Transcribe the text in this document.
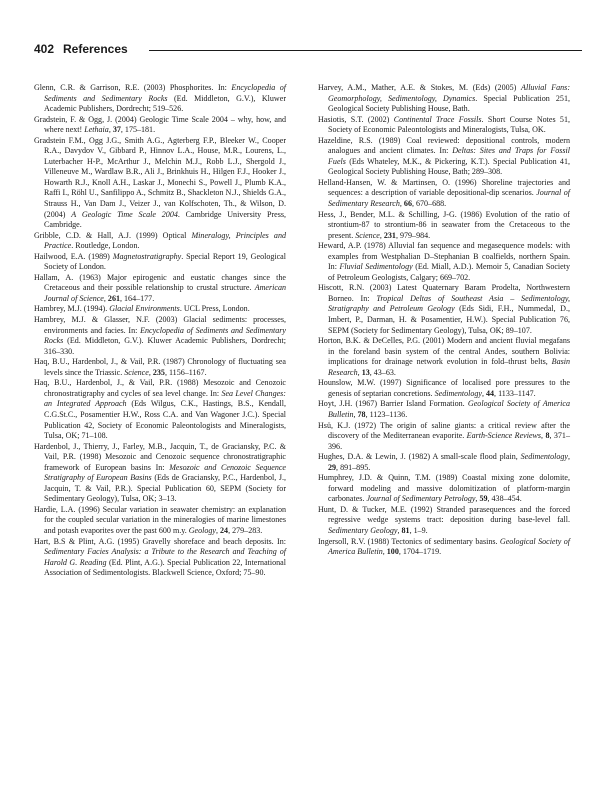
402 References

Glenn, C.R. & Garrison, R.E. (2003) Phosphorites. In: Encyclopedia of Sediments and Sedimentary Rocks (Ed. Middleton, G.V.), Kluwer Academic Publishers, Dordrecht; 519–526.

Gradstein, F. & Ogg, J. (2004) Geologic Time Scale 2004 – why, how, and where next! Lethaia, 37, 175–181.

Gradstein F.M., Ogg J.G., Smith A.G., Agterberg F.P., Bleeker W., Cooper R.A., Davydov V., Gibbard P., Hinnov L.A., House, M.R., Lourens, L., Luterbacher H-P., McArthur J., Melchin M.J., Robb L.J., Shergold J., Villeneuve M., Wardlaw B.R., Ali J., Brinkhuis H., Hilgen F.J., Hooker J., Howarth R.J., Knoll A.H., Laskar J., Monechi S., Powell J., Plumb K.A., Raffi I., Röhl U., Sanfilippo A., Schmitz B., Shackleton N.J., Shields G.A., Strauss H., Van Dam J., Veizer J., van Kolfschoten, Th., & Wilson, D. (2004) A Geologic Time Scale 2004. Cambridge University Press, Cambridge.

Gribble, C.D. & Hall, A.J. (1999) Optical Mineralogy, Principles and Practice. Routledge, London.

Hailwood, E.A. (1989) Magnetostratigraphy. Special Report 19, Geological Society of London.

Hallam, A. (1963) Major epirogenic and eustatic changes since the Cretaceous and their possible relationship to crustal structure. American Journal of Science, 261, 164–177.

Hambrey, M.J. (1994). Glacial Environments. UCL Press, London.

Hambrey, M.J. & Glasser, N.F. (2003) Glacial sediments: processes, environments and facies. In: Encyclopedia of Sediments and Sedimentary Rocks (Ed. Middleton, G.V.). Kluwer Academic Publishers, Dordrecht; 316–330.

Haq, B.U., Hardenbol, J., & Vail, P.R. (1987) Chronology of fluctuating sea levels since the Triassic. Science, 235, 1156–1167.

Haq, B.U., Hardenbol, J., & Vail, P.R. (1988) Mesozoic and Cenozoic chronostratigraphy and cycles of sea level change. In: Sea Level Changes: an Integrated Approach (Eds Wilgus, C.K., Hastings, B.S., Kendall, C.G.St.C., Posamentier H.W., Ross C.A. and Van Wagoner J.C.). Special Publication 42, Society of Economic Paleontologists and Mineralogists, Tulsa, OK; 71–108.

Hardenbol, J., Thierry, J., Farley, M.B., Jacquin, T., de Graciansky, P.C. & Vail, P.R. (1998) Mesozoic and Cenozoic sequence chronostratigraphic framework of European basins In: Mesozoic and Cenozoic Sequence Stratigraphy of European Basins (Eds de Graciansky, P.C., Hardenbol, J., Jacquin, T. & Vail, P.R.). Special Publication 60, SEPM (Society for Sedimentary Geology), Tulsa, OK; 3–13.

Hardie, L.A. (1996) Secular variation in seawater chemistry: an explanation for the coupled secular variation in the mineralogies of marine limestones and potash evaporites over the past 600 m.y. Geology, 24, 279–283.

Hart, B.S & Plint, A.G. (1995) Gravelly shoreface and beach deposits. In: Sedimentary Facies Analysis: a Tribute to the Research and Teaching of Harold G. Reading (Ed. Plint, A.G.). Special Publication 22, International Association of Sedimentologists. Blackwell Science, Oxford; 75–90.

Harvey, A.M., Mather, A.E. & Stokes, M. (Eds) (2005) Alluvial Fans: Geomorphology, Sedimentology, Dynamics. Special Publication 251, Geological Society Publishing House, Bath.

Hasiotis, S.T. (2002) Continental Trace Fossils. Short Course Notes 51, Society of Economic Paleontologists and Mineralogists, Tulsa, OK.

Hazeldine, R.S. (1989) Coal reviewed: depositional controls, modern analogues and ancient climates. In: Deltas: Sites and Traps for Fossil Fuels (Eds Whateley, M.K., & Pickering, K.T.). Special Publication 41, Geological Society Publishing House, Bath; 289–308.

Helland-Hansen, W. & Martinsen, O. (1996) Shoreline trajectories and sequences: a description of variable depositional-dip scenarios. Journal of Sedimentary Research, 66, 670–688.

Hess, J., Bender, M.L. & Schilling, J-G. (1986) Evolution of the ratio of strontium-87 to strontium-86 in seawater from the Cretaceous to the present. Science, 231, 979–984.

Heward, A.P. (1978) Alluvial fan sequence and megasequence models: with examples from Westphalian D–Stephanian B coalfields, northern Spain. In: Fluvial Sedimentology (Ed. Miall, A.D.). Memoir 5, Canadian Society of Petroleum Geologists, Calgary; 669–702.

Hiscott, R.N. (2003) Latest Quaternary Baram Prodelta, Northwestern Borneo. In: Tropical Deltas of Southeast Asia – Sedimentology, Stratigraphy and Petroleum Geology (Eds Sidi, F.H., Nummedal, D., Imbert, P., Darman, H. & Posamentier, H.W.). Special Publication 76, SEPM (Society for Sedimentary Geology), Tulsa, OK; 89–107.

Horton, B.K. & DeCelles, P.G. (2001) Modern and ancient fluvial megafans in the foreland basin system of the central Andes, southern Bolivia: implications for drainage network evolution in fold–thrust belts, Basin Research, 13, 43–63.

Hounslow, M.W. (1997) Significance of localised pore pressures to the genesis of septarian concretions. Sedimentology, 44, 1133–1147.

Hoyt, J.H. (1967) Barrier Island Formation. Geological Society of America Bulletin, 78, 1123–1136.

Hsü, K.J. (1972) The origin of saline giants: a critical review after the discovery of the Mediterranean evaporite. Earth-Science Reviews, 8, 371–396.

Hughes, D.A. & Lewin, J. (1982) A small-scale flood plain, Sedimentology, 29, 891–895.

Humphrey, J.D. & Quinn, T.M. (1989) Coastal mixing zone dolomite, forward modeling and massive dolomitization of platform-margin carbonates. Journal of Sedimentary Petrology, 59, 438–454.

Hunt, D. & Tucker, M.E. (1992) Stranded parasequences and the forced regressive wedge systems tract: deposition during base-level fall. Sedimentary Geology, 81, 1–9.

Ingersoll, R.V. (1988) Tectonics of sedimentary basins. Geological Society of America Bulletin, 100, 1704–1719.
